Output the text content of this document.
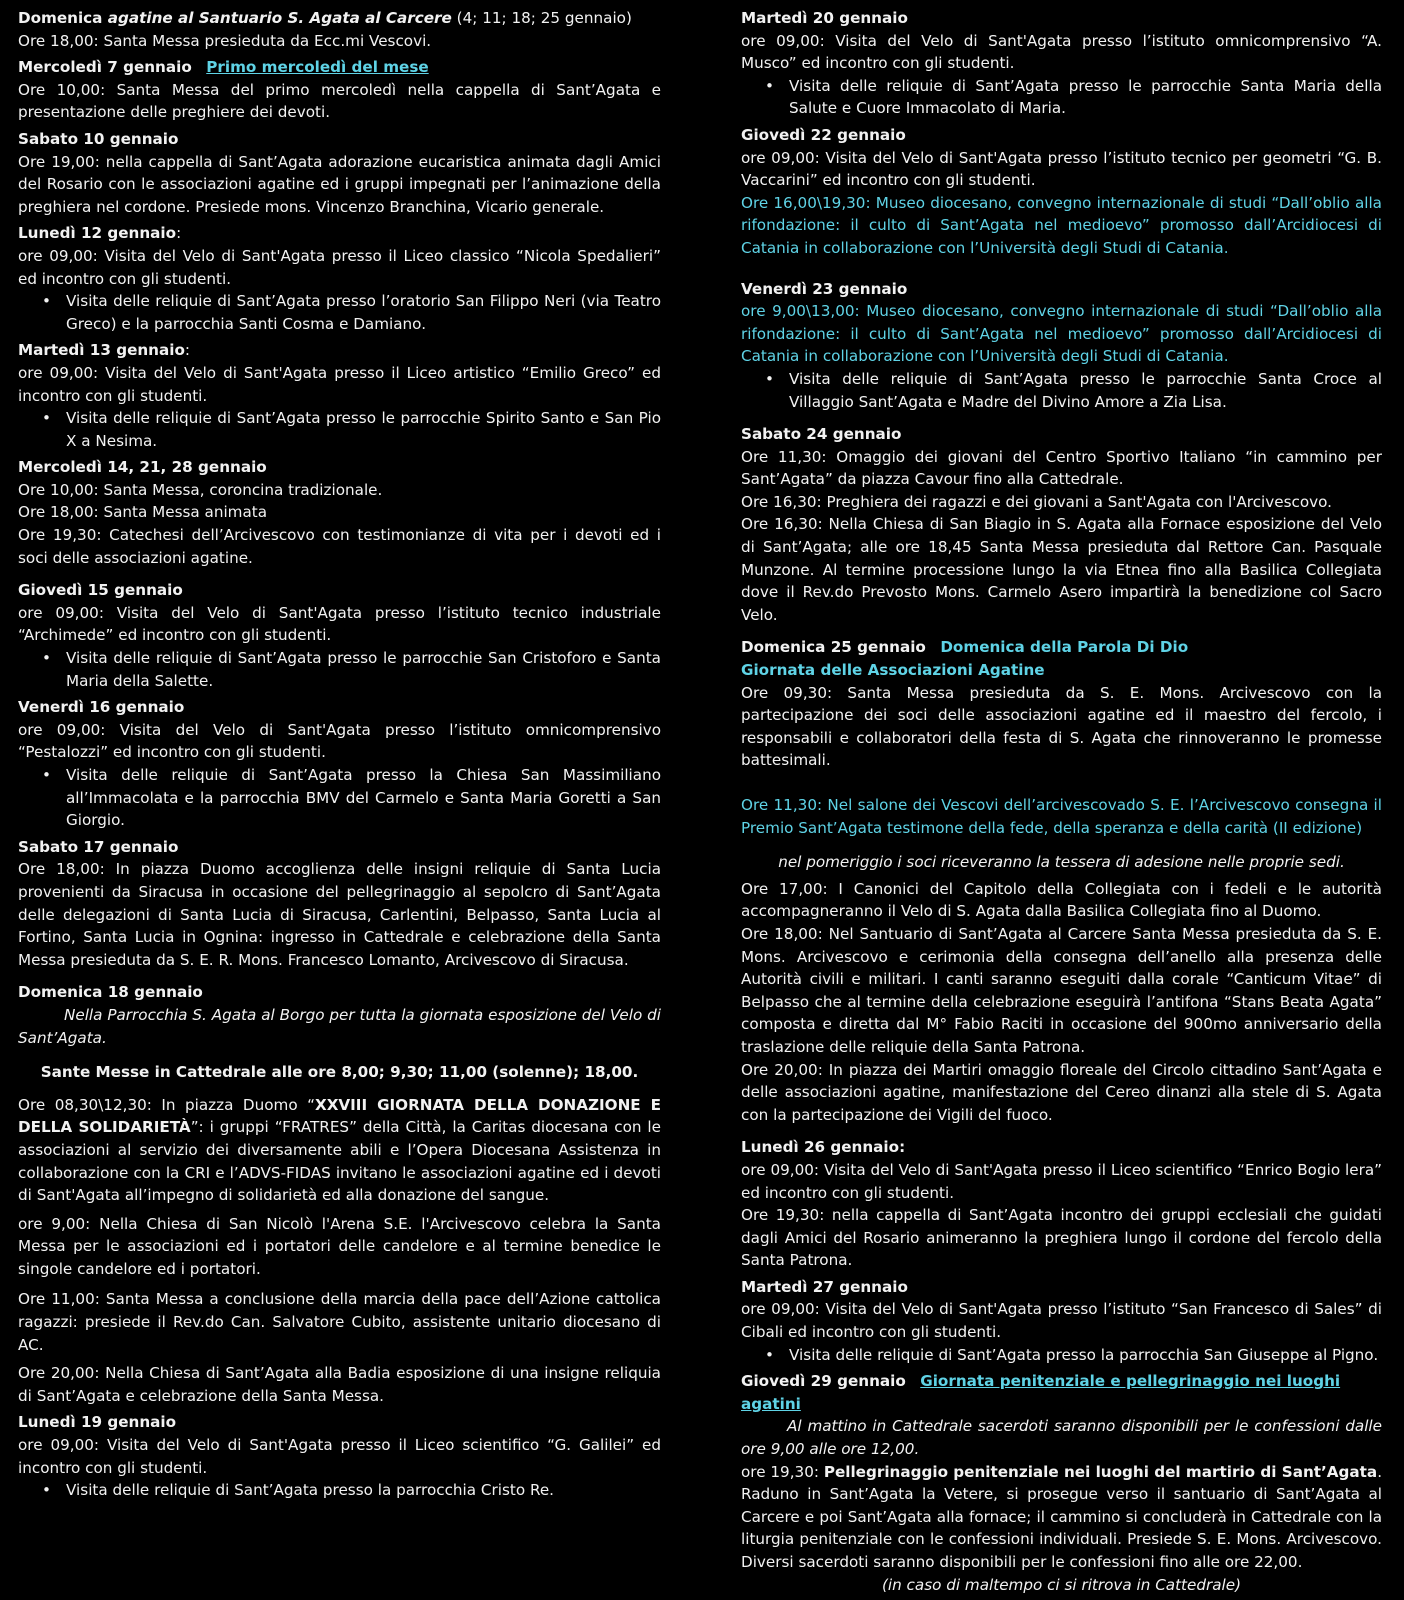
Domenica agatine al Santuario S. Agata al Carcere (4; 11; 18; 25 gennaio)
Ore 18,00: Santa Messa presieduta da Ecc.mi Vescovi.
Mercoledì 7 gennaio Primo mercoledì del mese
Ore 10,00: Santa Messa del primo mercoledì nella cappella di Sant’Agata e presentazione delle preghiere dei devoti.
Sabato 10 gennaio
Ore 19,00: nella cappella di Sant’Agata adorazione eucaristica animata dagli Amici del Rosario con le associazioni agatine ed i gruppi impegnati per l’animazione della preghiera nel cordone. Presiede mons. Vincenzo Branchina, Vicario generale.
Lunedì 12 gennaio:
ore 09,00: Visita del Velo di Sant'Agata presso il Liceo classico “Nicola Spedalieri” ed incontro con gli studenti.
• Visita delle reliquie di Sant’Agata presso l’oratorio San Filippo Neri (via Teatro Greco) e la parrocchia Santi Cosma e Damiano.
Martedì 13 gennaio:
ore 09,00: Visita del Velo di Sant'Agata presso il Liceo artistico “Emilio Greco” ed incontro con gli studenti.
• Visita delle reliquie di Sant’Agata presso le parrocchie Spirito Santo e San Pio X a Nesima.
Mercoledì 14, 21, 28 gennaio
Ore 10,00: Santa Messa, coroncina tradizionale.
Ore 18,00: Santa Messa animata
Ore 19,30: Catechesi dell’Arcivescovo con testimonianze di vita per i devoti ed i soci delle associazioni agatine.
Giovedì 15 gennaio
ore 09,00: Visita del Velo di Sant'Agata presso l’istituto tecnico industriale “Archimede” ed incontro con gli studenti.
• Visita delle reliquie di Sant’Agata presso le parrocchie San Cristoforo e Santa Maria della Salette.
Venerdì 16 gennaio
ore 09,00: Visita del Velo di Sant'Agata presso l’istituto omnicomprensivo “Pestalozzi” ed incontro con gli studenti.
• Visita delle reliquie di Sant’Agata presso la Chiesa San Massimiliano all’Immacolata e la parrocchia BMV del Carmelo e Santa Maria Goretti a San Giorgio.
Sabato 17 gennaio
Ore 18,00: In piazza Duomo accoglienza delle insigni reliquie di Santa Lucia provenienti da Siracusa in occasione del pellegrinaggio al sepolcro di Sant’Agata delle delegazioni di Santa Lucia di Siracusa, Carlentini, Belpasso, Santa Lucia al Fortino, Santa Lucia in Ognina: ingresso in Cattedrale e celebrazione della Santa Messa presieduta da S. E. R. Mons. Francesco Lomanto, Arcivescovo di Siracusa.
Domenica 18 gennaio
Nella Parrocchia S. Agata al Borgo per tutta la giornata esposizione del Velo di Sant’Agata.
Sante Messe in Cattedrale alle ore 8,00; 9,30; 11,00 (solenne); 18,00.
Ore 08,30\12,30: In piazza Duomo “XXVIII GIORNATA DELLA DONAZIONE E DELLA SOLIDARIETÀ”: i gruppi “FRATRES” della Città, la Caritas diocesana con le associazioni al servizio dei diversamente abili e l’Opera Diocesana Assistenza in collaborazione con la CRI e l’ADVS-FIDAS invitano le associazioni agatine ed i devoti di Sant'Agata all’impegno di solidarietà ed alla donazione del sangue.
ore 9,00: Nella Chiesa di San Nicolò l'Arena S.E. l'Arcivescovo celebra la Santa Messa per le associazioni ed i portatori delle candelore e al termine benedice le singole candelore ed i portatori.
Ore 11,00: Santa Messa a conclusione della marcia della pace dell’Azione cattolica ragazzi: presiede il Rev.do Can. Salvatore Cubito, assistente unitario diocesano di AC.
Ore 20,00: Nella Chiesa di Sant’Agata alla Badia esposizione di una insigne reliquia di Sant’Agata e celebrazione della Santa Messa.
Lunedì 19 gennaio
ore 09,00: Visita del Velo di Sant'Agata presso il Liceo scientifico “G. Galilei” ed incontro con gli studenti.
• Visita delle reliquie di Sant’Agata presso la parrocchia Cristo Re.
Martedì 20 gennaio
ore 09,00: Visita del Velo di Sant'Agata presso l’istituto omnicomprensivo “A. Musco” ed incontro con gli studenti.
• Visita delle reliquie di Sant’Agata presso le parrocchie Santa Maria della Salute e Cuore Immacolato di Maria.
Giovedì 22 gennaio
ore 09,00: Visita del Velo di Sant'Agata presso l’istituto tecnico per geometri “G. B. Vaccarini” ed incontro con gli studenti.
Ore 16,00\19,30: Museo diocesano, convegno internazionale di studi “Dall’oblio alla rifondazione: il culto di Sant’Agata nel medioevo” promosso dall’Arcidiocesi di Catania in collaborazione con l’Università degli Studi di Catania.
Venerdì 23 gennaio
ore 9,00\13,00: Museo diocesano, convegno internazionale di studi “Dall’oblio alla rifondazione: il culto di Sant’Agata nel medioevo” promosso dall’Arcidiocesi di Catania in collaborazione con l’Università degli Studi di Catania.
• Visita delle reliquie di Sant’Agata presso le parrocchie Santa Croce al Villaggio Sant’Agata e Madre del Divino Amore a Zia Lisa.
Sabato 24 gennaio
Ore 11,30: Omaggio dei giovani del Centro Sportivo Italiano “in cammino per Sant’Agata” da piazza Cavour fino alla Cattedrale.
Ore 16,30: Preghiera dei ragazzi e dei giovani a Sant'Agata con l'Arcivescovo.
Ore 16,30: Nella Chiesa di San Biagio in S. Agata alla Fornace esposizione del Velo di Sant’Agata; alle ore 18,45 Santa Messa presieduta dal Rettore Can. Pasquale Munzone. Al termine processione lungo la via Etnea fino alla Basilica Collegiata dove il Rev.do Prevosto Mons. Carmelo Asero impartirà la benedizione col Sacro Velo.
Domenica 25 gennaio Domenica della Parola Di Dio
Giornata delle Associazioni Agatine
Ore 09,30: Santa Messa presieduta da S. E. Mons. Arcivescovo con la partecipazione dei soci delle associazioni agatine ed il maestro del fercolo, i responsabili e collaboratori della festa di S. Agata che rinnoveranno le promesse battesimali.
Ore 11,30: Nel salone dei Vescovi dell’arcivescovado S. E. l’Arcivescovo consegna il Premio Sant’Agata testimone della fede, della speranza e della carità (II edizione)
nel pomeriggio i soci riceveranno la tessera di adesione nelle proprie sedi.
Ore 17,00: I Canonici del Capitolo della Collegiata con i fedeli e le autorità accompagneranno il Velo di S. Agata dalla Basilica Collegiata fino al Duomo.
Ore 18,00: Nel Santuario di Sant’Agata al Carcere Santa Messa presieduta da S. E. Mons. Arcivescovo e cerimonia della consegna dell’anello alla presenza delle Autorità civili e militari. I canti saranno eseguiti dalla corale “Canticum Vitae” di Belpasso che al termine della celebrazione eseguirà l’antifona “Stans Beata Agata” composta e diretta dal M° Fabio Raciti in occasione del 900mo anniversario della traslazione delle reliquie della Santa Patrona.
Ore 20,00: In piazza dei Martiri omaggio floreale del Circolo cittadino Sant’Agata e delle associazioni agatine, manifestazione del Cereo dinanzi alla stele di S. Agata con la partecipazione dei Vigili del fuoco.
Lunedì 26 gennaio:
ore 09,00: Visita del Velo di Sant'Agata presso il Liceo scientifico “Enrico Bogio lera” ed incontro con gli studenti.
Ore 19,30: nella cappella di Sant’Agata incontro dei gruppi ecclesiali che guidati dagli Amici del Rosario animeranno la preghiera lungo il cordone del fercolo della Santa Patrona.
Martedì 27 gennaio
ore 09,00: Visita del Velo di Sant'Agata presso l’istituto “San Francesco di Sales” di Cibali ed incontro con gli studenti.
• Visita delle reliquie di Sant’Agata presso la parrocchia San Giuseppe al Pigno.
Giovedì 29 gennaio Giornata penitenziale e pellegrinaggio nei luoghi agatini
Al mattino in Cattedrale sacerdoti saranno disponibili per le confessioni dalle ore 9,00 alle ore 12,00.
ore 19,30: Pellegrinaggio penitenziale nei luoghi del martirio di Sant’Agata. Raduno in Sant’Agata la Vetere, si prosegue verso il santuario di Sant’Agata al Carcere e poi Sant’Agata alla fornace; il cammino si concluderà in Cattedrale con la liturgia penitenziale con le confessioni individuali. Presiede S. E. Mons. Arcivescovo. Diversi sacerdoti saranno disponibili per le confessioni fino alle ore 22,00.
(in caso di maltempo ci si ritrova in Cattedrale)
